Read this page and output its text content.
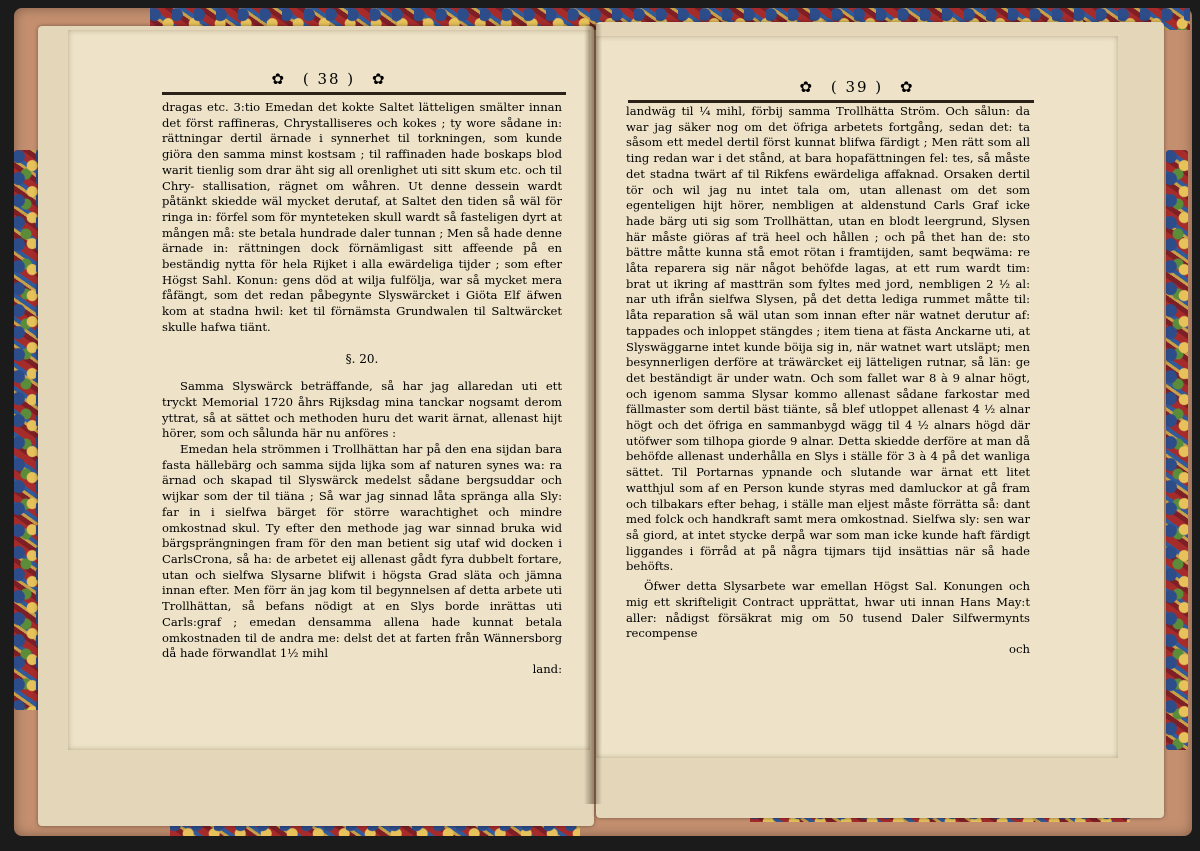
✿ ( 38 ) ✿

dragas etc. 3:tio Emedan det kokte Saltet lätteligen smälter innan det först raffineras, Chrystalliseres och kokes ; ty wore sådane in: rättningar dertil ärnade i synnerhet til torkningen, som kunde giöra den samma minst kostsam ; til raffinaden hade boskaps blod warit tienlig som drar äht sig all orenlighet uti sitt skum etc. och til Chry- stallisation, rägnet om wåhren. Ut denne dessein wardt påtänkt skiedde wäl mycket derutaf, at Saltet den tiden så wäl för ringa in: förfel som för mynteteken skull wardt så fasteligen dyrt at mången må: ste betala hundrade daler tunnan ; Men så hade denne ärnade in: rättningen dock förnämligast sitt affeende på en beständig nytta för hela Rijket i alla ewärdeliga tijder ; som efter Högst Sahl. Konun: gens död at wilja fulfölja, war så mycket mera fåfängt, som det redan påbegynte Slyswärcket i Giöta Elf äfwen kom at stadna hwil: ket til förnämsta Grundwalen til Saltwärcket skulle hafwa tiänt.

§. 20.

Samma Slyswärck beträffande, så har jag allaredan uti ett tryckt Memorial 1720 åhrs Rijksdag mina tanckar nogsamt derom yttrat, så at sättet och methoden huru det warit ärnat, allenast hijt hörer, som och sålunda här nu anföres :

Emedan hela strömmen i Trollhättan har på den ena sijdan bara fasta hällebärg och samma sijda lijka som af naturen synes wa: ra ärnad och skapad til Slyswärck medelst sådane bergsuddar och wijkar som der til tiäna ; Så war jag sinnad låta spränga alla Sly: far in i sielfwa bärget för större warachtighet och mindre omkostnad skul. Ty efter den methode jag war sinnad bruka wid bärgsprängningen fram för den man betient sig utaf wid docken i CarlsCrona, så ha: de arbetet eij allenast gådt fyra dubbelt fortare, utan och sielfwa Slysarne blifwit i högsta Grad släta och jämna innan efter. Men förr än jag kom til begynnelsen af detta arbete uti Trollhättan, så befans nödigt at en Slys borde inrättas uti Carls:graf ; emedan densamma allena hade kunnat betala omkostnaden til de andra me: delst det at farten från Wännersborg då hade förwandlat 1½ mihl

land:

✿ ( 39 ) ✿

landwäg til ¼ mihl, förbij samma Trollhätta Ström. Och sålun: da war jag säker nog om det öfriga arbetets fortgång, sedan det: ta såsom ett medel dertil först kunnat blifwa färdigt ; Men rätt som all ting redan war i det stånd, at bara hopafättningen fel: tes, så måste det stadna twärt af til Rikfens ewärdeliga affaknad. Orsaken dertil tör och wil jag nu intet tala om, utan allenast om det som egenteligen hijt hörer, nembligen at aldenstund Carls Graf icke hade bärg uti sig som Trollhättan, utan en blodt leergrund, Slysen här måste giöras af trä heel och hållen ; och på thet han de: sto bättre måtte kunna stå emot rötan i framtijden, samt beqwäma: re låta reparera sig när något behöfde lagas, at ett rum wardt tim: brat ut ikring af mastträn som fyltes med jord, nembligen 2 ½ al: nar uth ifrån sielfwa Slysen, på det detta lediga rummet måtte til: låta reparation så wäl utan som innan efter när watnet derutur af: tappades och inloppet stängdes ; item tiena at fästa Anckarne uti, at Slyswäggarne intet kunde böija sig in, när watnet wart utsläpt; men besynnerligen derföre at träwärcket eij lätteligen rutnar, så län: ge det beständigt är under watn. Och som fallet war 8 à 9 alnar högt, och igenom samma Slysar kommo allenast sådane farkostar med fällmaster som dertil bäst tiänte, så blef utloppet allenast 4 ½ alnar högt och det öfriga en sammanbygd wägg til 4 ½ alnars högd där utöfwer som tilhopa giorde 9 alnar. Detta skiedde derföre at man då behöfde allenast underhålla en Slys i ställe för 3 à 4 på det wanliga sättet. Til Portarnas ypnande och slutande war ärnat ett litet watthjul som af en Person kunde styras med damluckor at gå fram och tilbakars efter behag, i ställe man eljest måste förrätta så: dant med folck och handkraft samt mera omkostnad. Sielfwa sly: sen war så giord, at intet stycke derpå war som man icke kunde haft färdigt liggandes i förråd at på några tijmars tijd insättias när så hade behöfts.

Öfwer detta Slysarbete war emellan Högst Sal. Konungen och mig ett skrifteligit Contract upprättat, hwar uti innan Hans May:t aller: nådigst försäkrat mig om 50 tusend Daler Silfwermynts recompense

och
